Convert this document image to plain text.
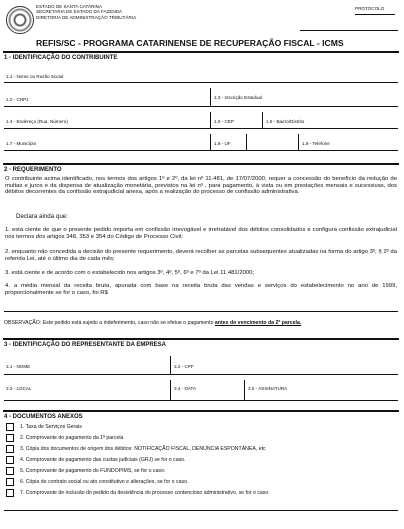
ESTADO DE SANTA CATARINA
SECRETARIA DE ESTADO DA FAZENDA
DIRETORIA DE ADMINISTRAÇÃO TRIBUTÁRIA
PROTOCOLO
REFIS/SC - PROGRAMA CATARINENSE DE RECUPERAÇÃO FISCAL - ICMS
1 - IDENTIFICAÇÃO DO CONTRIBUINTE
1.1 - Nome ou Razão Social
1.2 - CNPJ	1.3 - Inscrição Estadual
1.4 - Endereço (Rua, Número)	1.5 - CEP	1.6 - Bairro/Distrito
1.7 - Município	1.8 - UF	1.9 - Telefone
2 - REQUERIMENTO
O contribuinte acima identificado, nos termos dos artigos 1º e 2º, da lei nº 11.481, de 17/07/2000, requer a concessão do benefício da redução de multas e juros e da dispensa de atualização monetária, previstos na lei nº , para pagamento, à vista ou em prestações mensais e sucessivas, dos débitos decorrentes da confissão extrajudicial anexa, após a realização do processo de confissão administrativa.
Declara ainda que:
1. está ciente de que o presente pedido importa em confissão irrevogável e irretratável dos débitos consolidados e configura confissão extrajudicial nos termos dos artigos 348, 353 e 354 do Código de Processo Civil;
2. enquanto não concedida a decisão do presente requerimento, deverá recolher as parcelas subsequentes atualizadas na forma do artigo 3º, § 2º da referida Lei, até o último dia de cada mês;
3. está ciente e de acordo com o estabelecido nos artigos 3º, 4º, 5º, 6º e 7º da Lei 11.481/2000;
4. a média mensal da receita bruta, apurada com base na receita bruta das vendas e serviços do estabelecimento no ano de 1999, proporcionalmente se for o caso, foi R$
OBSERVAÇÃO: Este pedido está sujeito a indeferimento, caso não se efetue o pagamento antes do vencimento da 2ª parcela.
3 - IDENTIFICAÇÃO DO REPRESENTANTE DA EMPRESA
3.1 - NOME	3.2 - CPF
3.3 - LOCAL	3.4 - DATA	3.5 - ASSINATURA
4 - DOCUMENTOS ANEXOS
1. Taxa de Serviços Gerais
2. Comprovante do pagamento da 1ª parcela
3. Cópia dos documentos de origem dos débitos: NOTIFICAÇÃO FISCAL, DENÚNCIA ESPONTÂNEA, etc
4. Comprovante de pagamento das custas judiciais (GRJ) se for o caso.
5. Comprovante de pagamento do FUNDOPIMS, se for o caso.
6. Cópia do contrato social ou ato constitutivo e alterações, se for o caso.
7. Comprovante de inclusão do pedido da desistência do processo contencioso administrativo, se for o caso.
